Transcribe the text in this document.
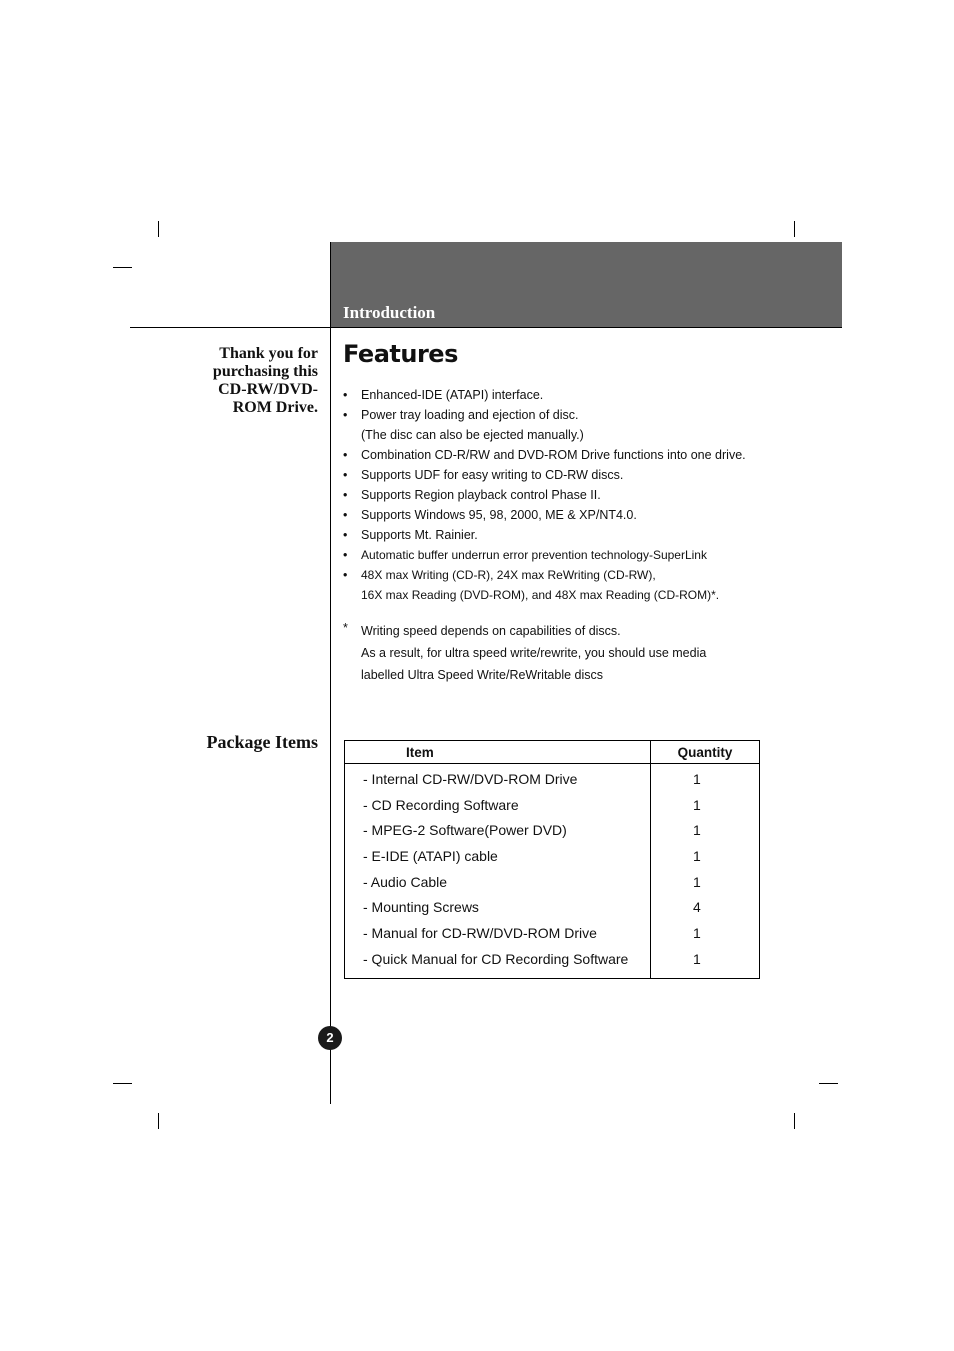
Introduction
Thank you for
purchasing this
CD-RW/DVD-
ROM Drive.
Package Items
Features
• Enhanced-IDE (ATAPI) interface.
• Power tray loading and ejection of disc.
(The disc can also be ejected manually.)
• Combination CD-R/RW and DVD-ROM Drive functions into one drive.
• Supports UDF for easy writing to CD-RW discs.
• Supports Region playback control Phase II.
• Supports Windows 95, 98, 2000, ME & XP/NT4.0.
• Supports Mt. Rainier.
• Automatic buffer underrun error prevention technology-SuperLink
• 48X max Writing (CD-R), 24X max ReWriting (CD-RW),
16X max Reading (DVD-ROM), and 48X max Reading (CD-ROM)*.
* Writing speed depends on capabilities of discs.
As a result, for ultra speed write/rewrite, you should use media
labelled Ultra Speed Write/ReWritable discs
Item	Quantity
- Internal CD-RW/DVD-ROM Drive	1
- CD Recording Software	1
- MPEG-2 Software(Power DVD)	1
- E-IDE (ATAPI) cable	1
- Audio Cable	1
- Mounting Screws	4
- Manual for CD-RW/DVD-ROM Drive	1
- Quick Manual for CD Recording Software	1
2
